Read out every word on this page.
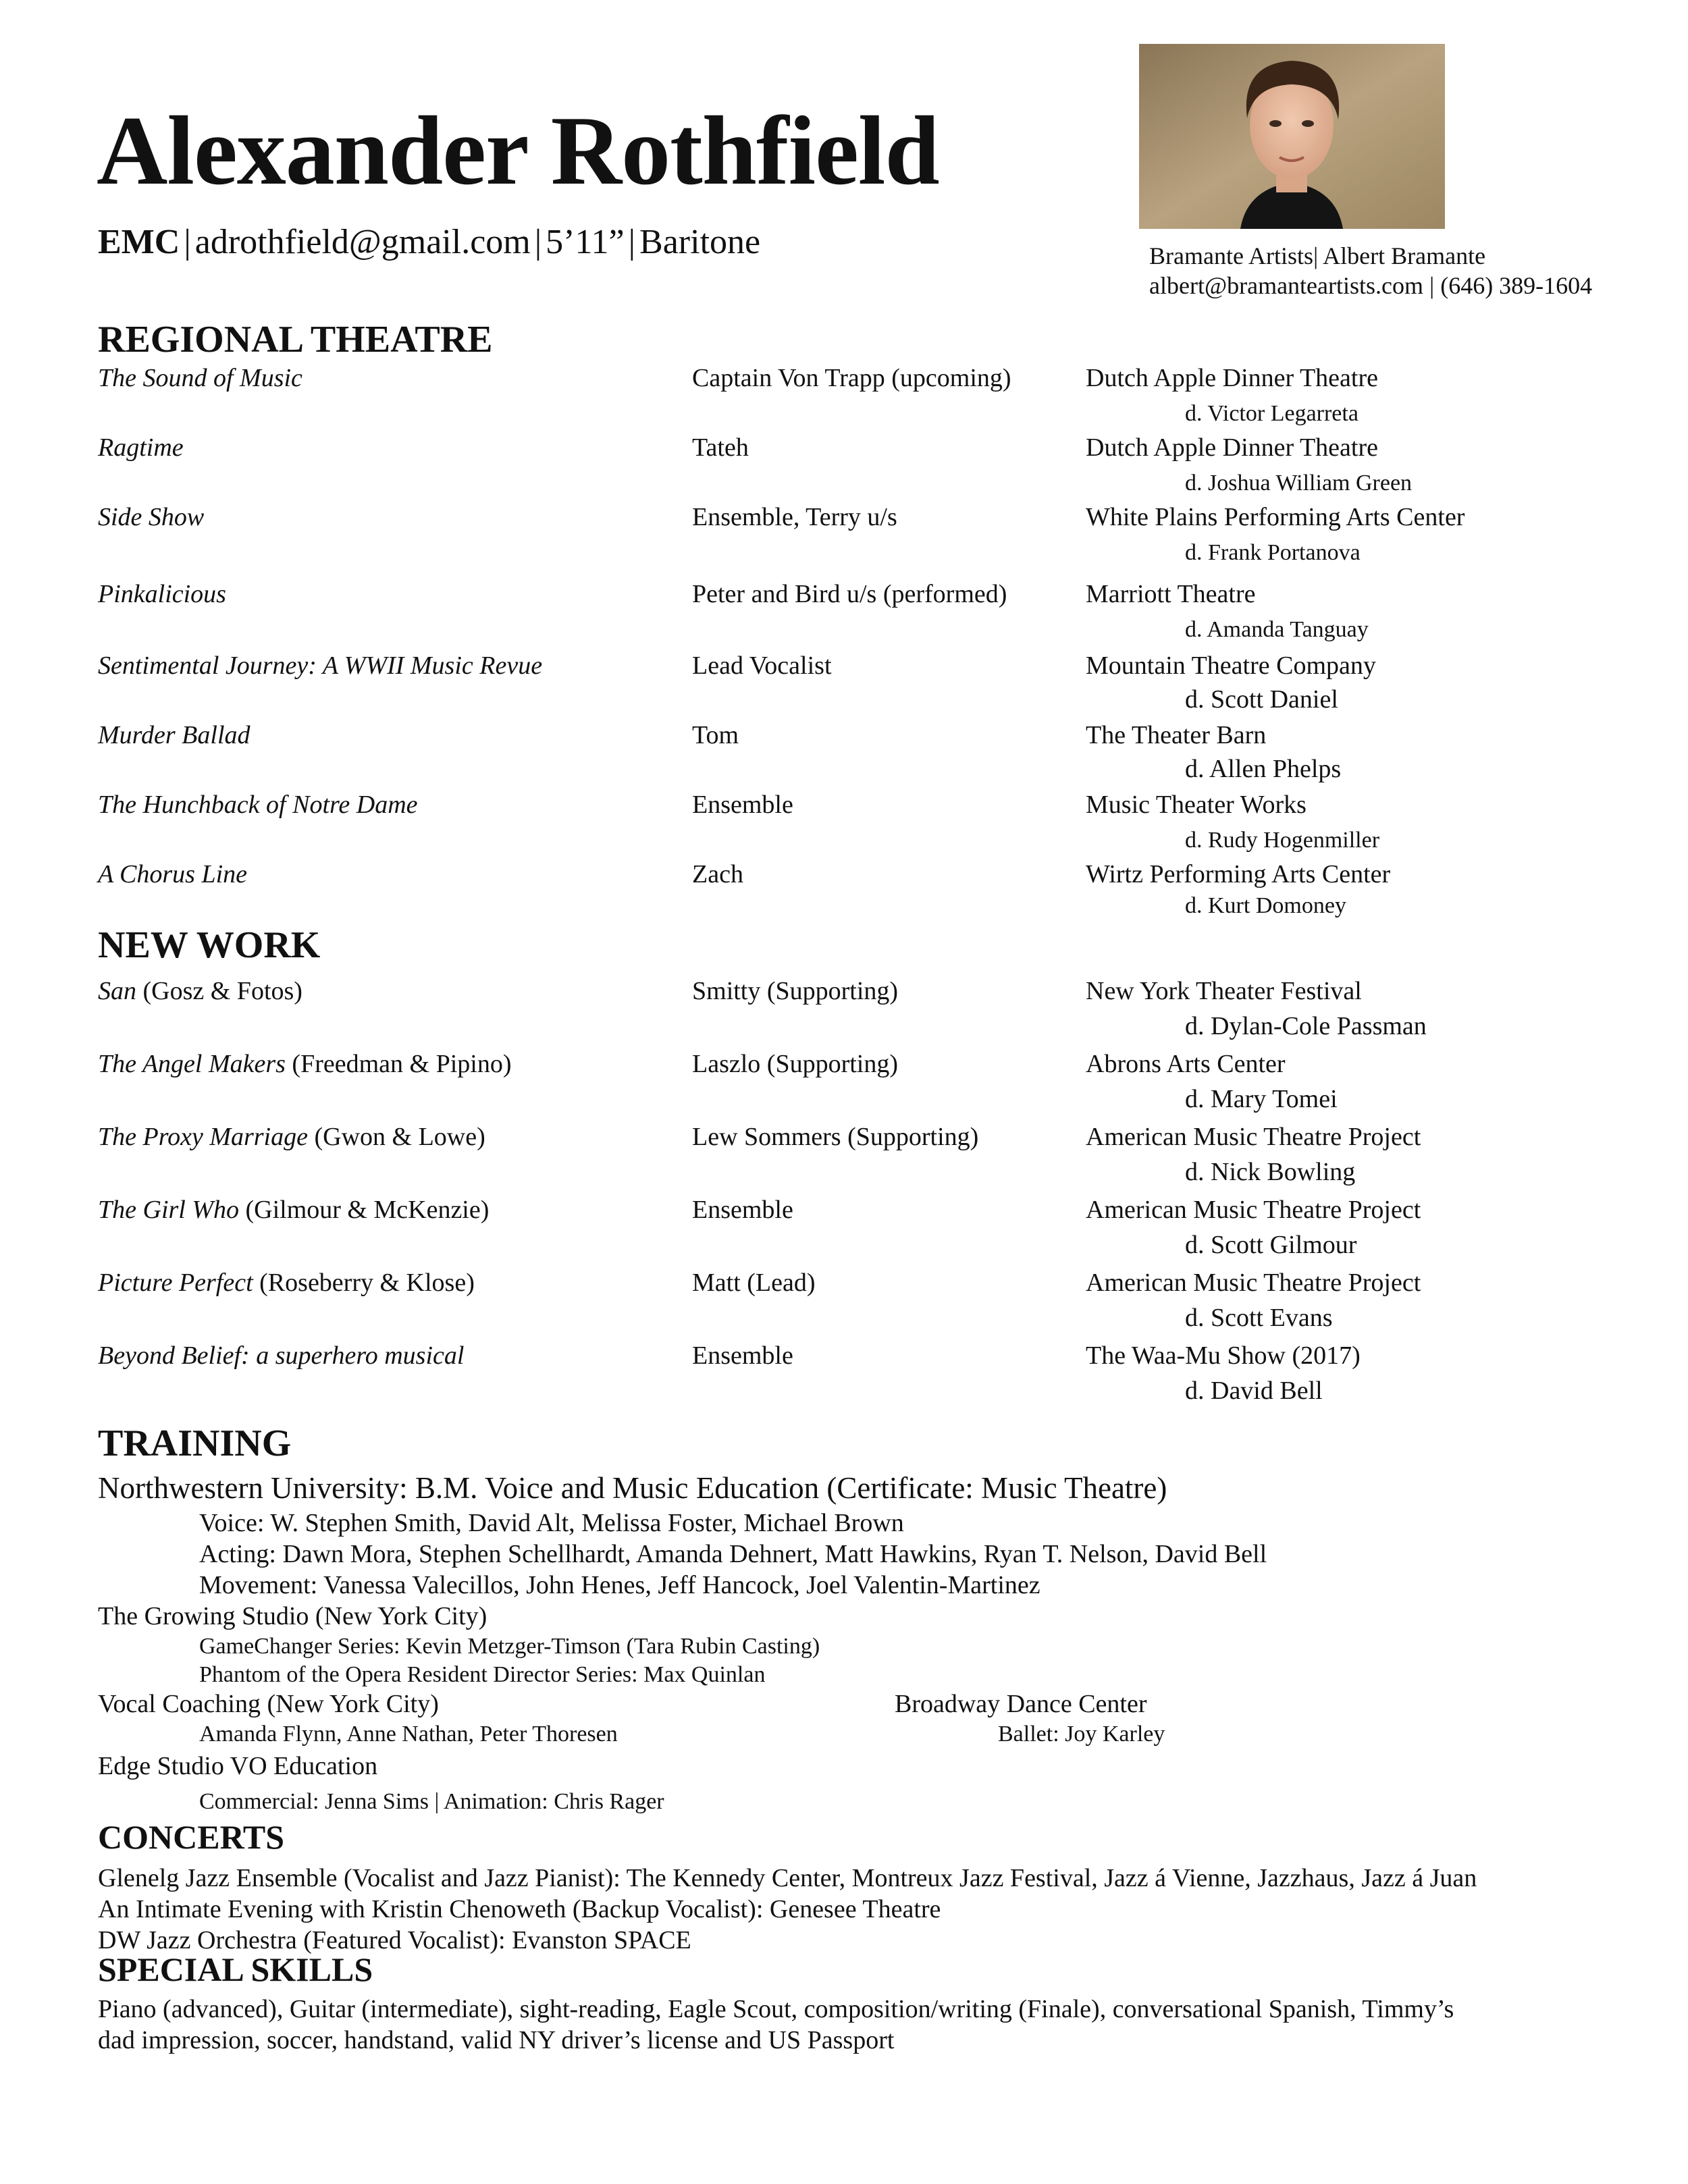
Alexander Rothfield
EMC | adrothfield@gmail.com | 5’11” | Baritone	Bramante Artists| Albert Bramante
albert@bramanteartists.com | (646) 389-1604
REGIONAL THEATRE
The Sound of Music	Captain Von Trapp (upcoming)	Dutch Apple Dinner Theatre
d. Victor Legarreta
Ragtime	Tateh	Dutch Apple Dinner Theatre
d. Joshua William Green
Side Show	Ensemble, Terry u/s	White Plains Performing Arts Center
d. Frank Portanova
Pinkalicious	Peter and Bird u/s (performed)	Marriott Theatre
d. Amanda Tanguay
Sentimental Journey: A WWII Music Revue	Lead Vocalist	Mountain Theatre Company
d. Scott Daniel
Murder Ballad	Tom	The Theater Barn
d. Allen Phelps
The Hunchback of Notre Dame	Ensemble	Music Theater Works
d. Rudy Hogenmiller
A Chorus Line	Zach	Wirtz Performing Arts Center
d. Kurt Domoney
NEW WORK
San (Gosz & Fotos)	Smitty (Supporting)	New York Theater Festival
d. Dylan-Cole Passman
The Angel Makers (Freedman & Pipino)	Laszlo (Supporting)	Abrons Arts Center
d. Mary Tomei
The Proxy Marriage (Gwon & Lowe)	Lew Sommers (Supporting)	American Music Theatre Project
d. Nick Bowling
The Girl Who (Gilmour & McKenzie)	Ensemble	American Music Theatre Project
d. Scott Gilmour
Picture Perfect (Roseberry & Klose)	Matt (Lead)	American Music Theatre Project
d. Scott Evans
Beyond Belief: a superhero musical	Ensemble	The Waa-Mu Show (2017)
d. David Bell
TRAINING
Northwestern University: B.M. Voice and Music Education (Certificate: Music Theatre)
Voice: W. Stephen Smith, David Alt, Melissa Foster, Michael Brown
Acting: Dawn Mora, Stephen Schellhardt, Amanda Dehnert, Matt Hawkins, Ryan T. Nelson, David Bell
Movement: Vanessa Valecillos, John Henes, Jeff Hancock, Joel Valentin-Martinez
The Growing Studio (New York City)
GameChanger Series: Kevin Metzger-Timson (Tara Rubin Casting)
Phantom of the Opera Resident Director Series: Max Quinlan
Vocal Coaching (New York City)
Amanda Flynn, Anne Nathan, Peter Thoresen
Broadway Dance Center
Ballet: Joy Karley
Edge Studio VO Education
Commercial: Jenna Sims | Animation: Chris Rager
CONCERTS
Glenelg Jazz Ensemble (Vocalist and Jazz Pianist): The Kennedy Center, Montreux Jazz Festival, Jazz á Vienne, Jazzhaus, Jazz á Juan
An Intimate Evening with Kristin Chenoweth (Backup Vocalist): Genesee Theatre
DW Jazz Orchestra (Featured Vocalist): Evanston SPACE
SPECIAL SKILLS
Piano (advanced), Guitar (intermediate), sight-reading, Eagle Scout, composition/writing (Finale), conversational Spanish, Timmy’s
dad impression, soccer, handstand, valid NY driver’s license and US Passport
